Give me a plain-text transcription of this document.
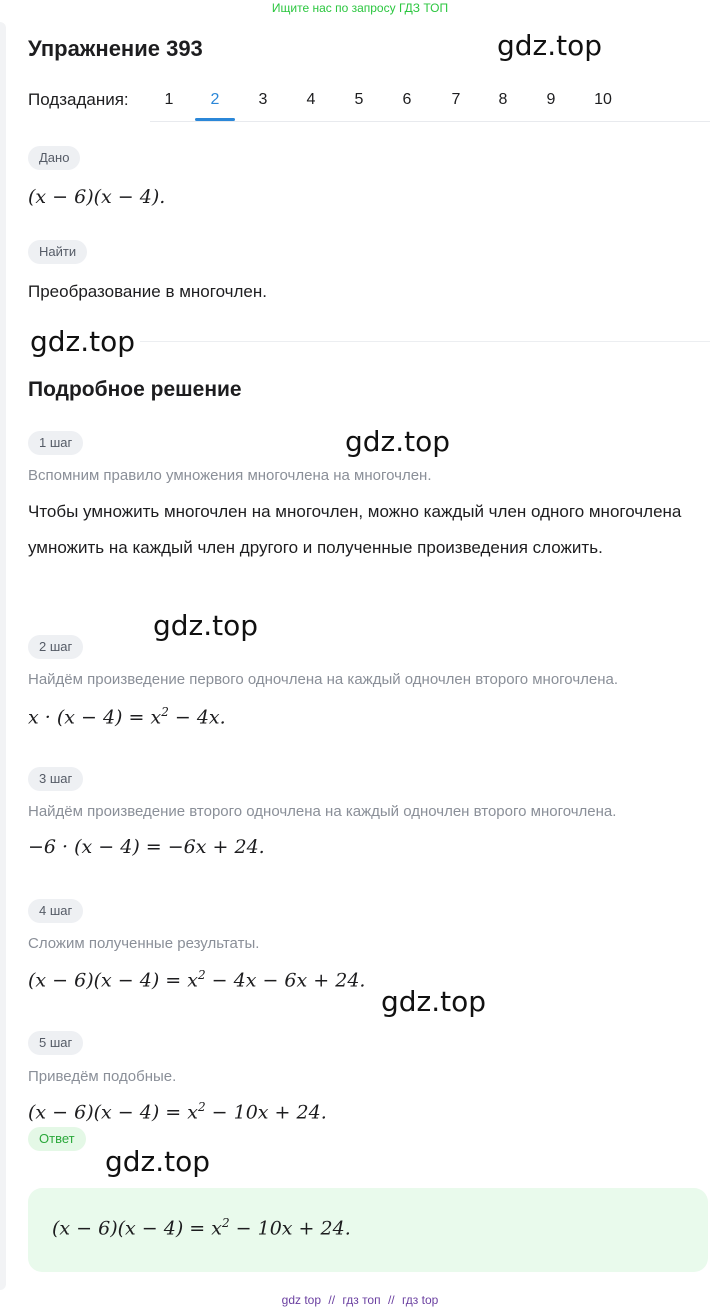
Ищите нас по запросу ГДЗ ТОП
Упражнение 393	gdz.top
Подзадания:	1	2	3	4	5	6	7	8	9	10
Дано
(x − 6)(x − 4).
Найти
Преобразование в многочлен.
gdz.top
Подробное решение
1 шаг	gdz.top
Вспомним правило умножения многочлена на многочлен.
Чтобы умножить многочлен на многочлен, можно каждый член одного многочлена умножить на каждый член другого и полученные произведения сложить.
gdz.top
2 шаг
Найдём произведение первого одночлена на каждый одночлен второго многочлена.
$x \cdot (x - 4) = x^2 - 4x$.
3 шаг
Найдём произведение второго одночлена на каждый одночлен второго многочлена.
−6 · (x − 4) = −6x + 24.
4 шаг
Сложим полученные результаты.
$(x - 6)(x - 4) = x^2 - 4x - 6x + 24$.
gdz.top
5 шаг
Приведём подобные.
$(x - 6)(x - 4) = x^2 - 10x + 24$.
Ответ
gdz.top
$(x - 6)(x - 4) = x^2 - 10x + 24$.
gdz top // гдз топ // гдз top
